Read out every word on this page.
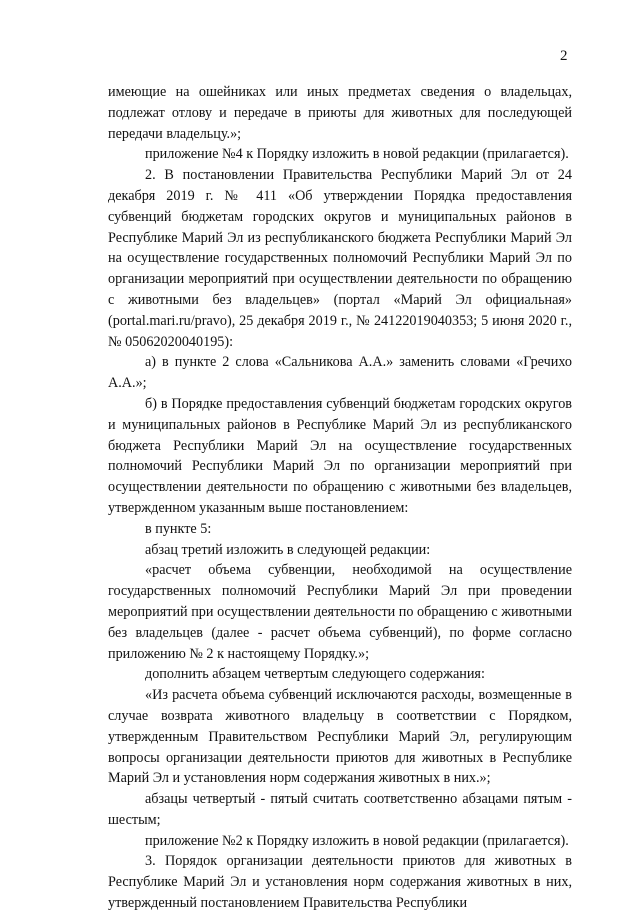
2

имеющие на ошейниках или иных предметах сведения о владельцах, подлежат отлову и передаче в приюты для животных для последующей передачи владельцу.»;

приложение №4 к Порядку изложить в новой редакции (прилагается).

2. В постановлении Правительства Республики Марий Эл от 24 декабря 2019 г. № 411 «Об утверждении Порядка предоставления субвенций бюджетам городских округов и муниципальных районов в Республике Марий Эл из республиканского бюджета Республики Марий Эл на осуществление государственных полномочий Республики Марий Эл по организации мероприятий при осуществлении деятельности по обращению с животными без владельцев» (портал «Марий Эл официальная» (portal.mari.ru/pravo), 25 декабря 2019 г., № 24122019040353; 5 июня 2020 г., № 05062020040195):

а) в пункте 2 слова «Сальникова А.А.» заменить словами «Гречихо А.А.»;

б) в Порядке предоставления субвенций бюджетам городских округов и муниципальных районов в Республике Марий Эл из республиканского бюджета Республики Марий Эл на осуществление государственных полномочий Республики Марий Эл по организации мероприятий при осуществлении деятельности по обращению с животными без владельцев, утвержденном указанным выше постановлением:

в пункте 5:

абзац третий изложить в следующей редакции:

«расчет объема субвенции, необходимой на осуществление государственных полномочий Республики Марий Эл при проведении мероприятий при осуществлении деятельности по обращению с животными без владельцев (далее - расчет объема субвенций), по форме согласно приложению № 2 к настоящему Порядку.»;

дополнить абзацем четвертым следующего содержания:

«Из расчета объема субвенций исключаются расходы, возмещенные в случае возврата животного владельцу в соответствии с Порядком, утвержденным Правительством Республики Марий Эл, регулирующим вопросы организации деятельности приютов для животных в Республике Марий Эл и установления норм содержания животных в них.»;

абзацы четвертый - пятый считать соответственно абзацами пятым - шестым;

приложение №2 к Порядку изложить в новой редакции (прилагается).

3. Порядок организации деятельности приютов для животных в Республике Марий Эл и установления норм содержания животных в них, утвержденный постановлением Правительства Республики
